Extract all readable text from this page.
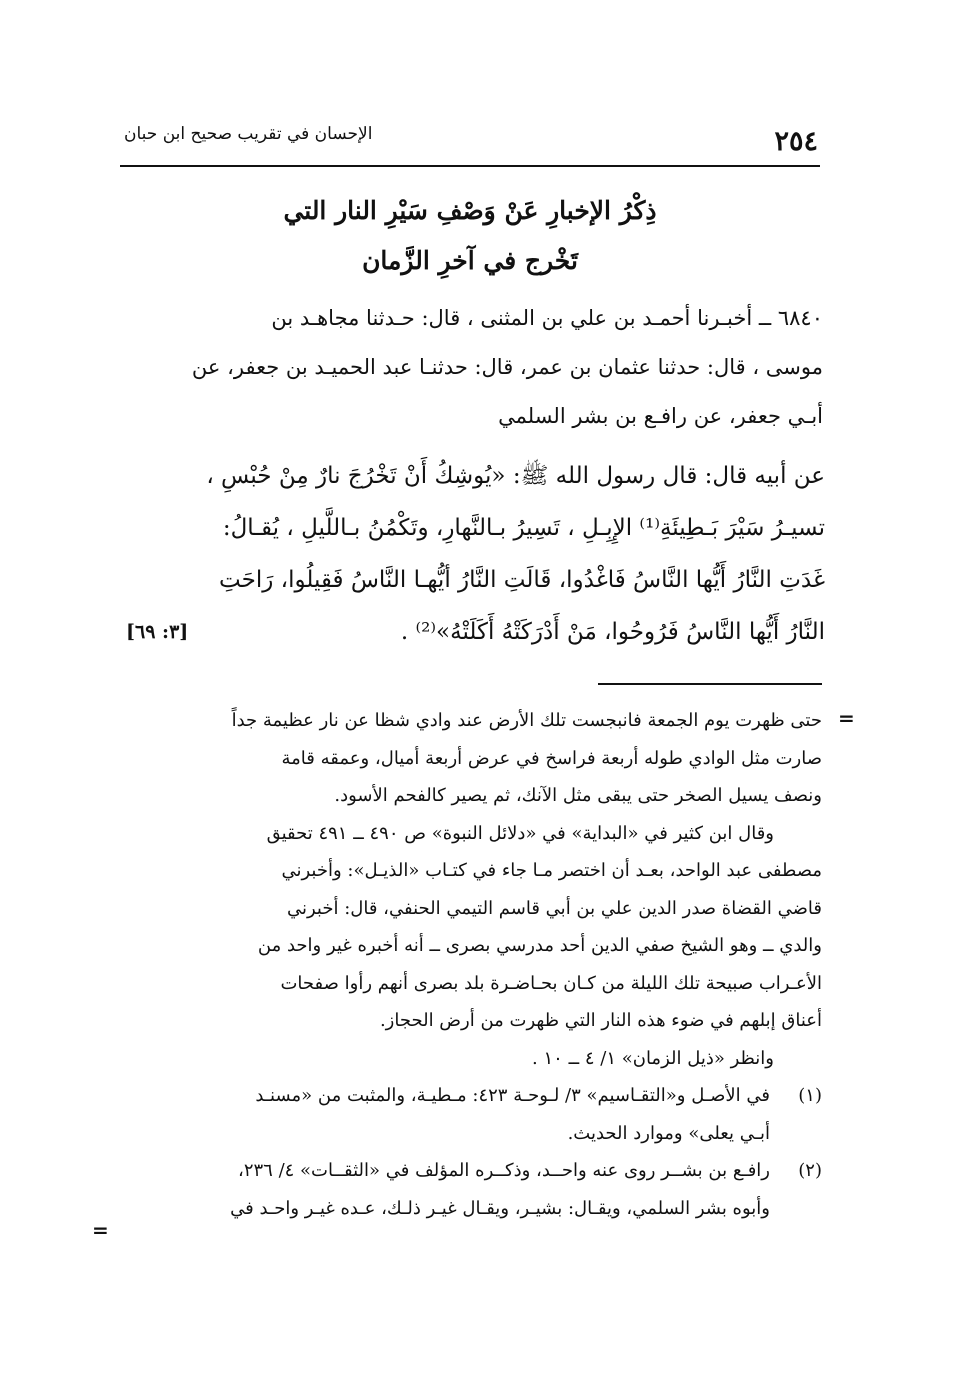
٢٥٤
الإحسان في تقريب صحيح ابن حبان
ذِكْرُ الإخبارِ عَنْ وَصْفِ سَيْرِ النار التي
تَخْرج في آخرِ الزَّمان
٦٨٤٠ ــ أخبـرنا أحمـد بن علي بن المثنى ، قال: حـدثنا مجاهـد بن
موسى ، قال: حدثنا عثمان بن عمر، قال: حدثنـا عبد الحميـد بن جعفر، عن
أبـي جعفر، عن رافـع بن بشر السلمي
عن أبيه قال: قال رسول الله ﷺ: «يُوشِكُ أَنْ تَخْرُجَ نارٌ مِنْ حُبْسِ ،
تسيـرُ سَيْرَ بَـطِيئَةِ⁽¹⁾ الإِبِـلِ ، تَسِيرُ بـالنَّهارِ، وتَكْمُنُ بـاللَّيلِ ، يُقـالُ:
غَدَتِ النَّارُ أَيُّها النَّاسُ فَاغْدُوا، قَالَتِ النَّارُ أيُّهـا النَّاسُ فَقِيلُوا، رَاحَتِ
النَّارُ أَيُّها النَّاسُ فَرُوحُوا، مَنْ أَدْرَكَتْهُ أَكَلَتْهُ»⁽²⁾ .
[٣: ٦٩]
=
حتى ظهرت يوم الجمعة فانبجست تلك الأرض عند وادي شظا عن نار عظيمة جداً
صارت مثل الوادي طوله أربعة فراسخ في عرض أربعة أميال، وعمقه قامة
ونصف يسيل الصخر حتى يبقى مثل الآنك، ثم يصير كالفحم الأسود.
وقال ابن كثير في «البداية» في «دلائل النبوة» ص ٤٩٠ ــ ٤٩١ تحقيق
مصطفى عبد الواحد، بعـد أن اختصر مـا جاء في كتـاب «الذيـل»: وأخبرني
قاضي القضاة صدر الدين علي بن أبي قاسم التيمي الحنفي، قال: أخبرني
والدي ــ وهو الشيخ صفي الدين أحد مدرسي بصرى ــ أنه أخبره غير واحد من
الأعـراب صبيحة تلك الليلة من كـان بحـاضـرة بلد بصرى أنهم رأوا صفحات
أعناق إبلهم في ضوء هذه النار التي ظهرت من أرض الحجاز.
وانظر «ذيل الزمان» ١/ ٤ ــ ١٠ .
(١)
في الأصـل و«التقـاسيم» ٣/ لـوحـة ٤٢٣: مـطيـة، والمثبت من «مسنـد
أبـي يعلى» وموارد الحديث.
(٢)
رافـع بن بشــر روى عنه واحــد، وذكــره المؤلف في «الثقــات» ٤/ ٢٣٦،
وأبوه بشر السلمي، ويقـال: بشيـر، ويقـال غيـر ذلـك، عـده غيـر واحـد في
=
